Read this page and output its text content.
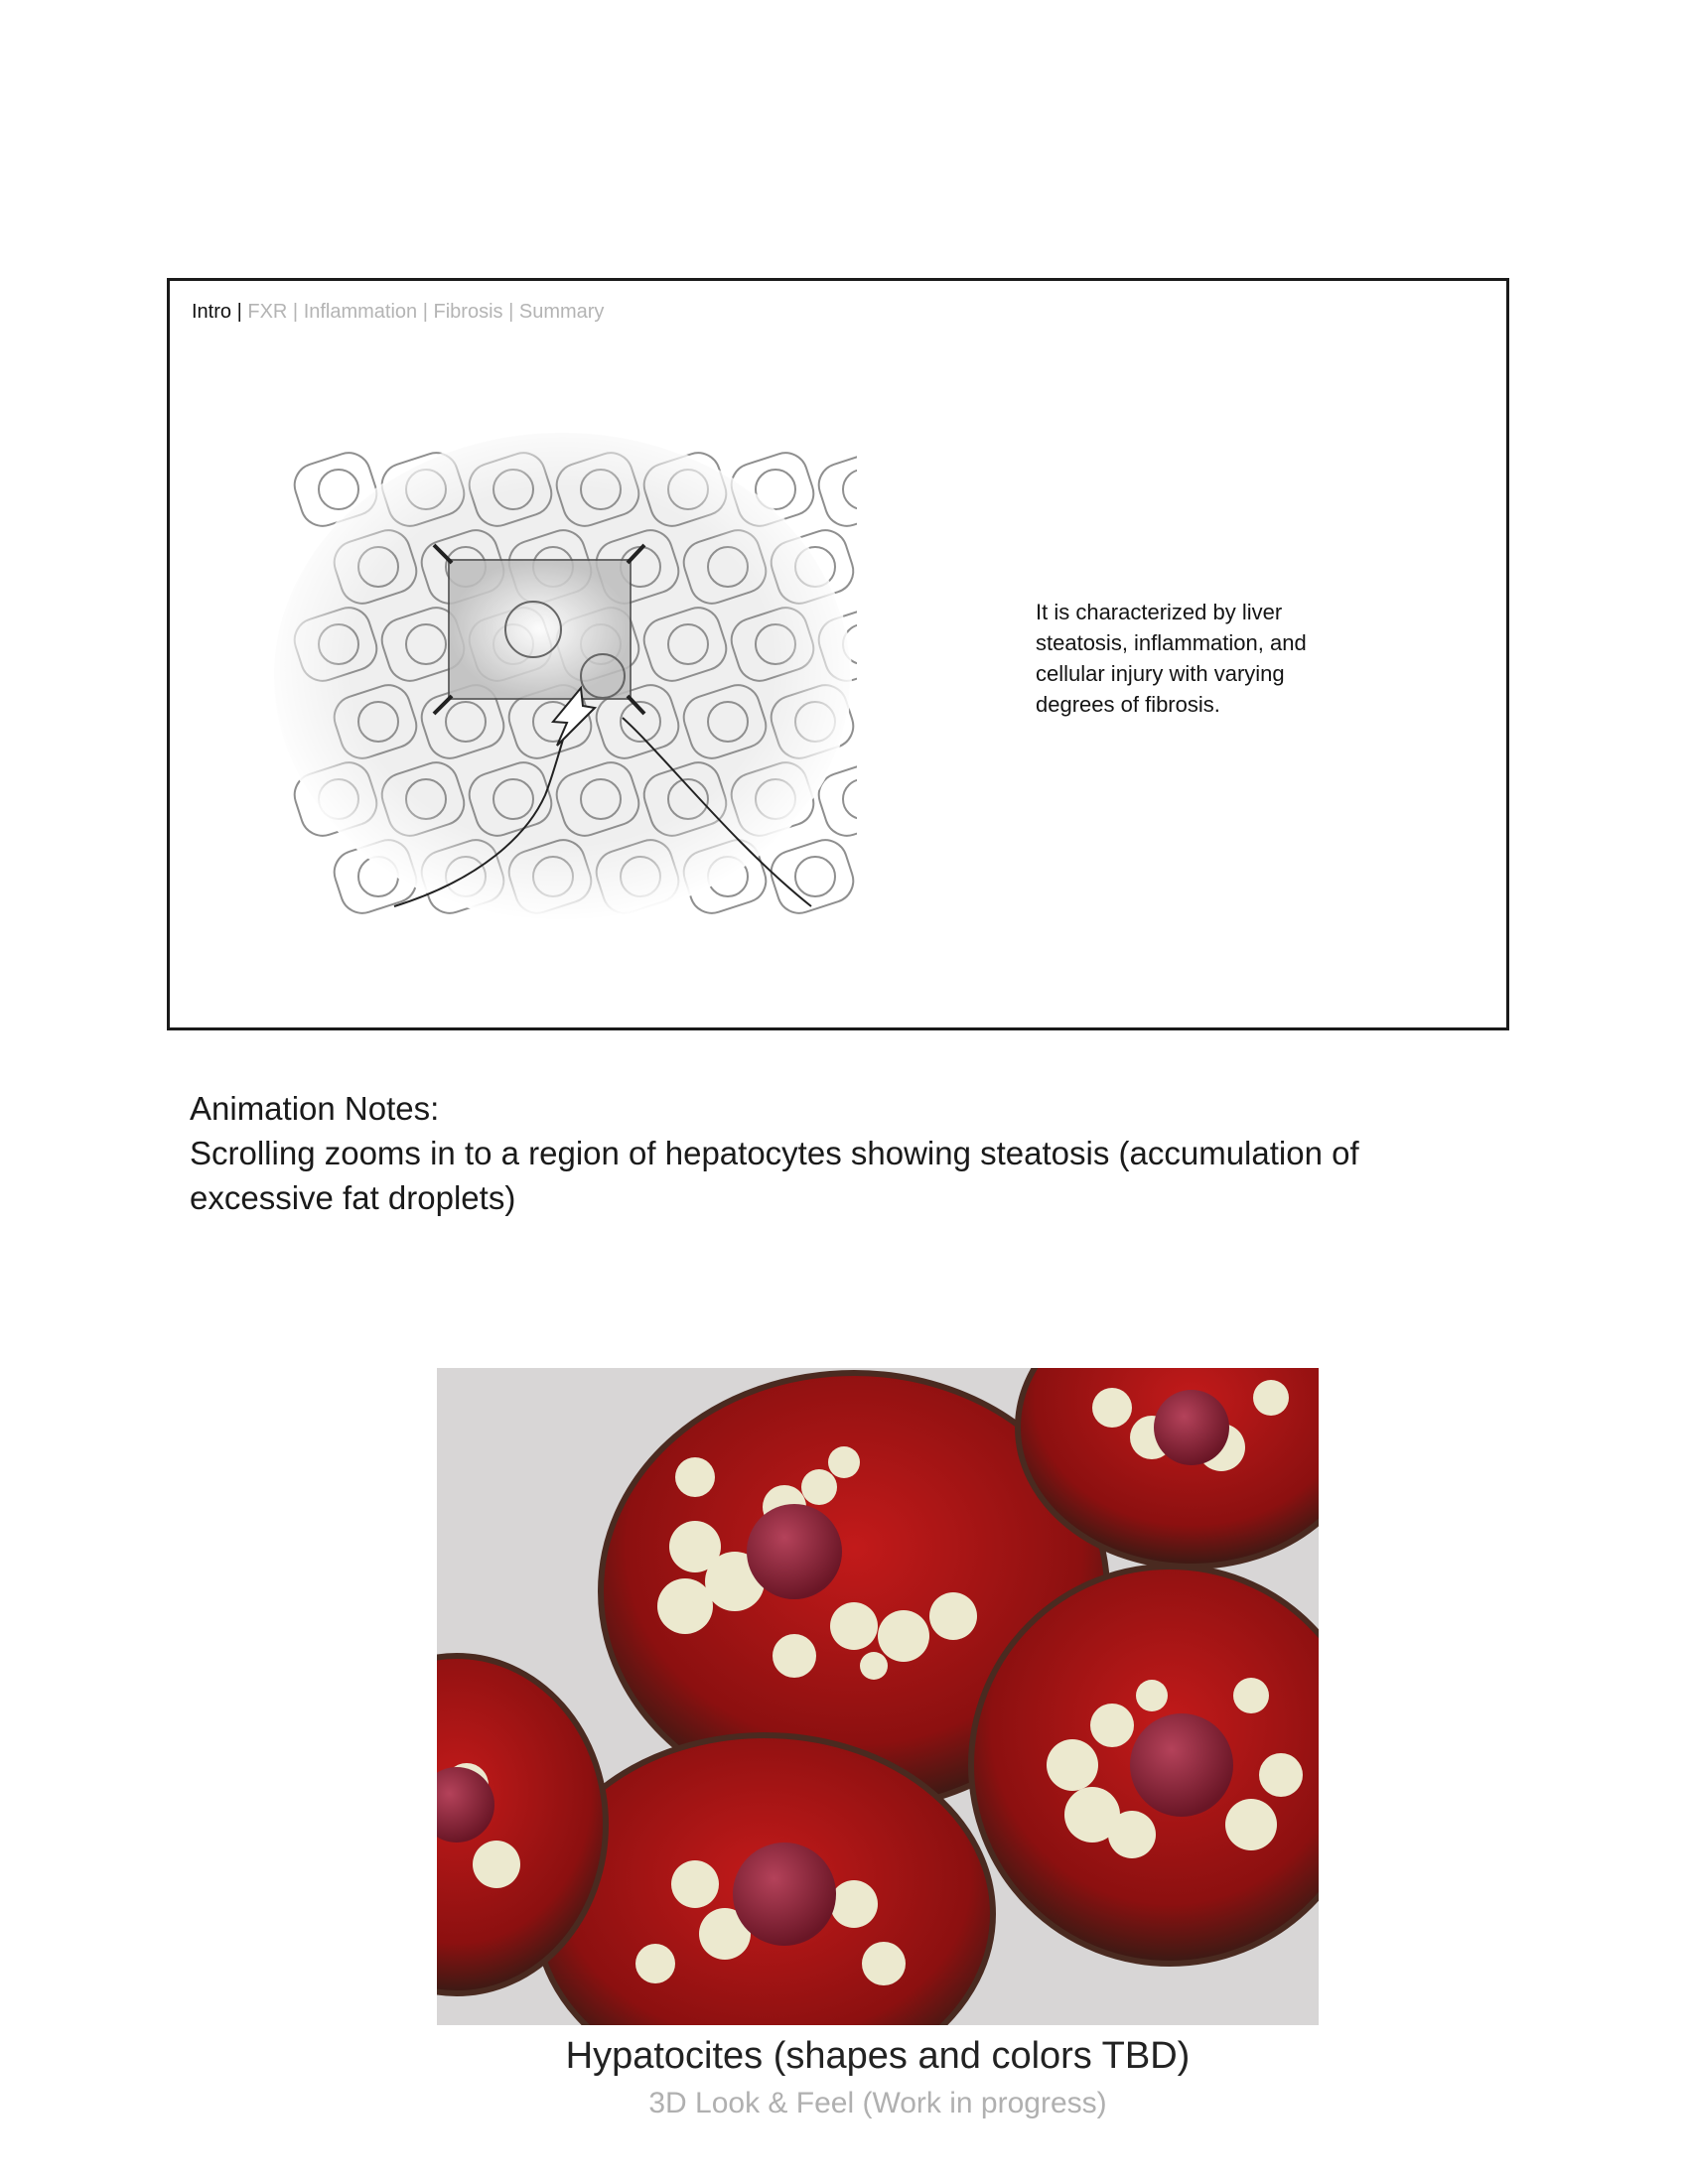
Intro | FXR | Inflammation | Fibrosis | Summary
It is characterized by liver steatosis, inflammation, and cellular injury with varying degrees of fibrosis.
Animation Notes:
Scrolling zooms in to a region of hepatocytes showing steatosis (accumulation of excessive fat droplets)
Hypatocites (shapes and colors TBD)
3D Look & Feel (Work in progress)
